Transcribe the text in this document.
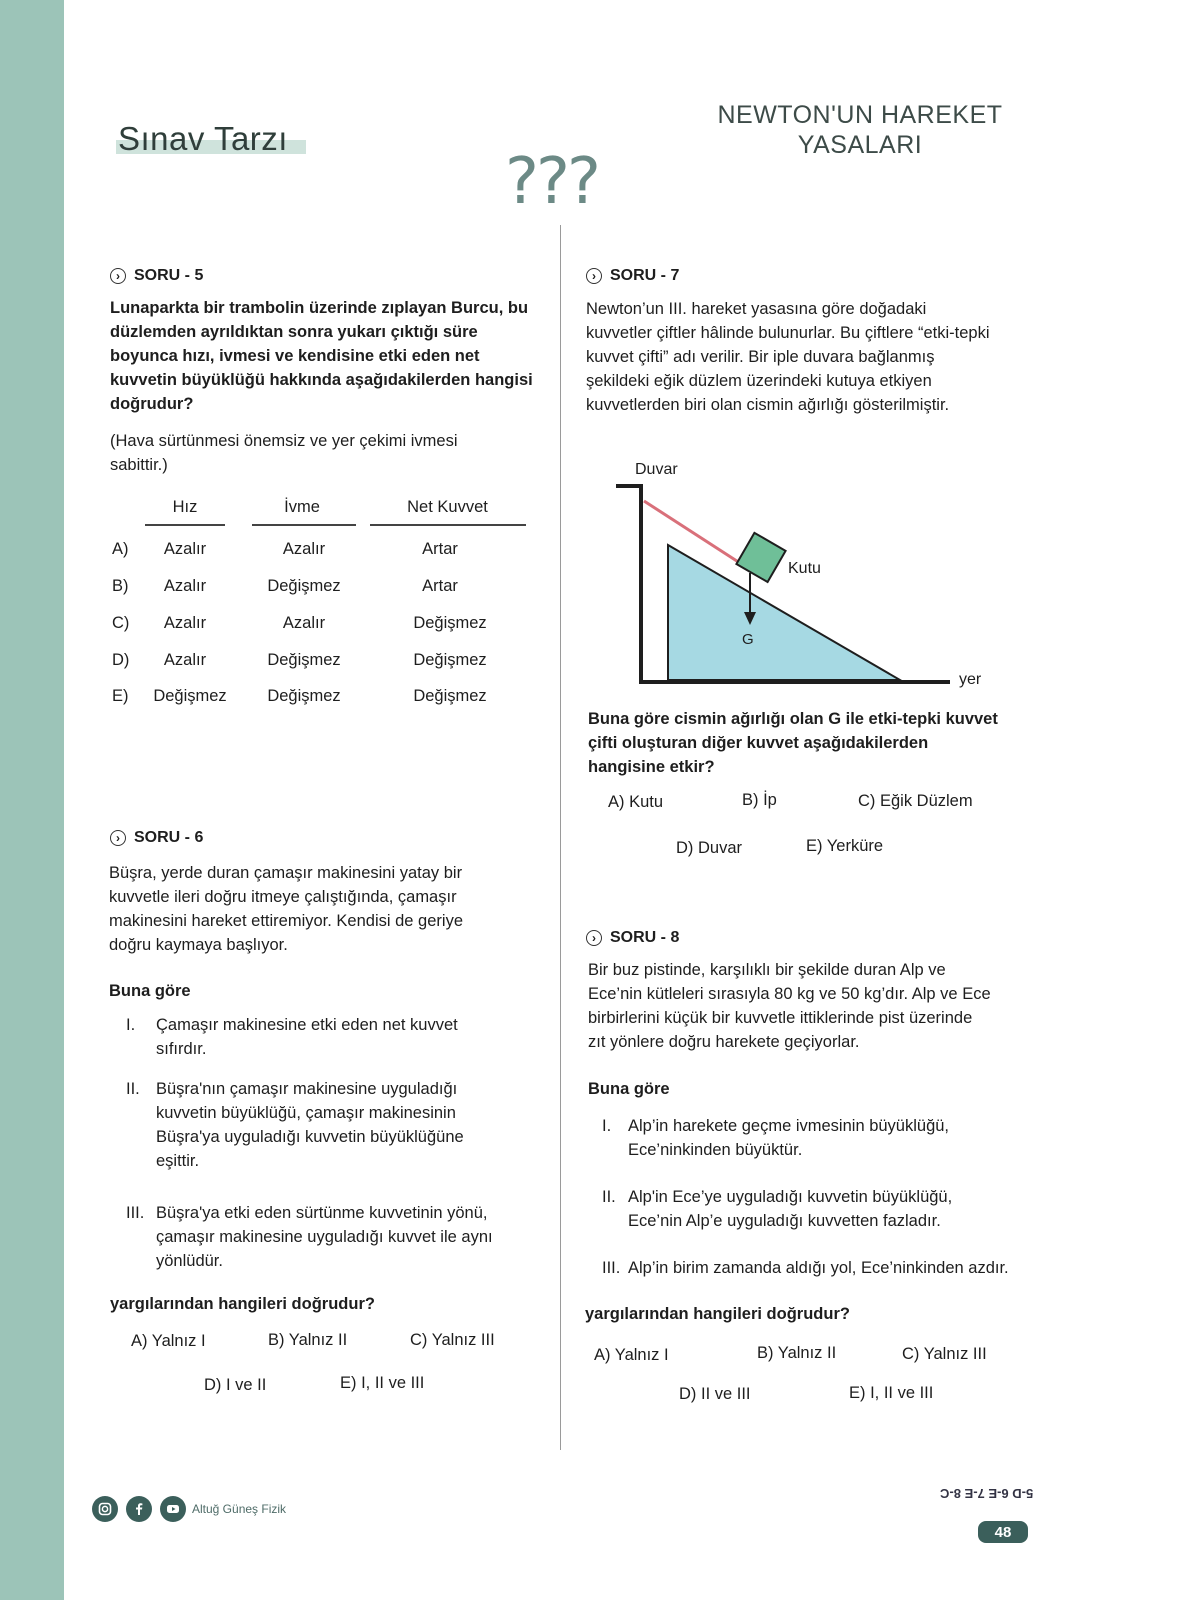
Sınav Tarzı
NEWTON'UN HAREKET
YASALARI
???
› SORU - 5
Lunaparkta bir trambolin üzerinde zıplayan Burcu, bu düzlemden ayrıldıktan sonra yukarı çıktığı süre boyunca hızı, ivmesi ve kendisine etki eden net kuvvetin büyüklüğü hakkında aşağıdakilerden hangisi doğrudur?
(Hava sürtünmesi önemsiz ve yer çekimi ivmesi sabittir.)
Hız	İvme	Net Kuvvet
A)	Azalır	Azalır	Artar
B)	Azalır	Değişmez	Artar
C)	Azalır	Azalır	Değişmez
D)	Azalır	Değişmez	Değişmez
E)	Değişmez	Değişmez	Değişmez
› SORU - 6
Büşra, yerde duran çamaşır makinesini yatay bir kuvvetle ileri doğru itmeye çalıştığında, çamaşır makinesini hareket ettiremiyor. Kendisi de geriye doğru kaymaya başlıyor.
Buna göre
I.	Çamaşır makinesine etki eden net kuvvet sıfırdır.
II. Büşra'nın çamaşır makinesine uyguladığı kuvvetin büyüklüğü, çamaşır makinesinin Büşra'ya uyguladığı kuvvetin büyüklüğüne eşittir.
III. Büşra'ya etki eden sürtünme kuvvetinin yönü, çamaşır makinesine uyguladığı kuvvet ile aynı yönlüdür.
yargılarından hangileri doğrudur?
A) Yalnız I	B) Yalnız II	C) Yalnız III
D) I ve II	E) I, II ve III
› SORU - 7
Newton’un III. hareket yasasına göre doğadaki kuvvetler çiftler hâlinde bulunurlar. Bu çiftlere “etki-tepki kuvvet çifti” adı verilir. Bir iple duvara bağlanmış şekildeki eğik düzlem üzerindeki kutuya etkiyen kuvvetlerden biri olan cismin ağırlığı gösterilmiştir.
Duvar
G
Kutu
yer
Buna göre cismin ağırlığı olan G ile etki-tepki kuvvet çifti oluşturan diğer kuvvet aşağıdakilerden hangisine etkir?
A) Kutu	B) İp	C) Eğik Düzlem
D) Duvar	E) Yerküre
› SORU - 8
Bir buz pistinde, karşılıklı bir şekilde duran Alp ve Ece’nin kütleleri sırasıyla 80 kg ve 50 kg’dır. Alp ve Ece birbirlerini küçük bir kuvvetle ittiklerinde pist üzerinde zıt yönlere doğru harekete geçiyorlar.
Buna göre
I.	Alp’in harekete geçme ivmesinin büyüklüğü, Ece’ninkinden büyüktür.
II. Alp'in Ece’ye uyguladığı kuvvetin büyüklüğü, Ece’nin Alp’e uyguladığı kuvvetten fazladır.
III. Alp’in birim zamanda aldığı yol, Ece’ninkinden azdır.
yargılarından hangileri doğrudur?
A) Yalnız I	B) Yalnız II	C) Yalnız III
D) II ve III	E) I, II ve III
Altuğ Güneş Fizik
5-D 6-E 7-E 8-C
48
